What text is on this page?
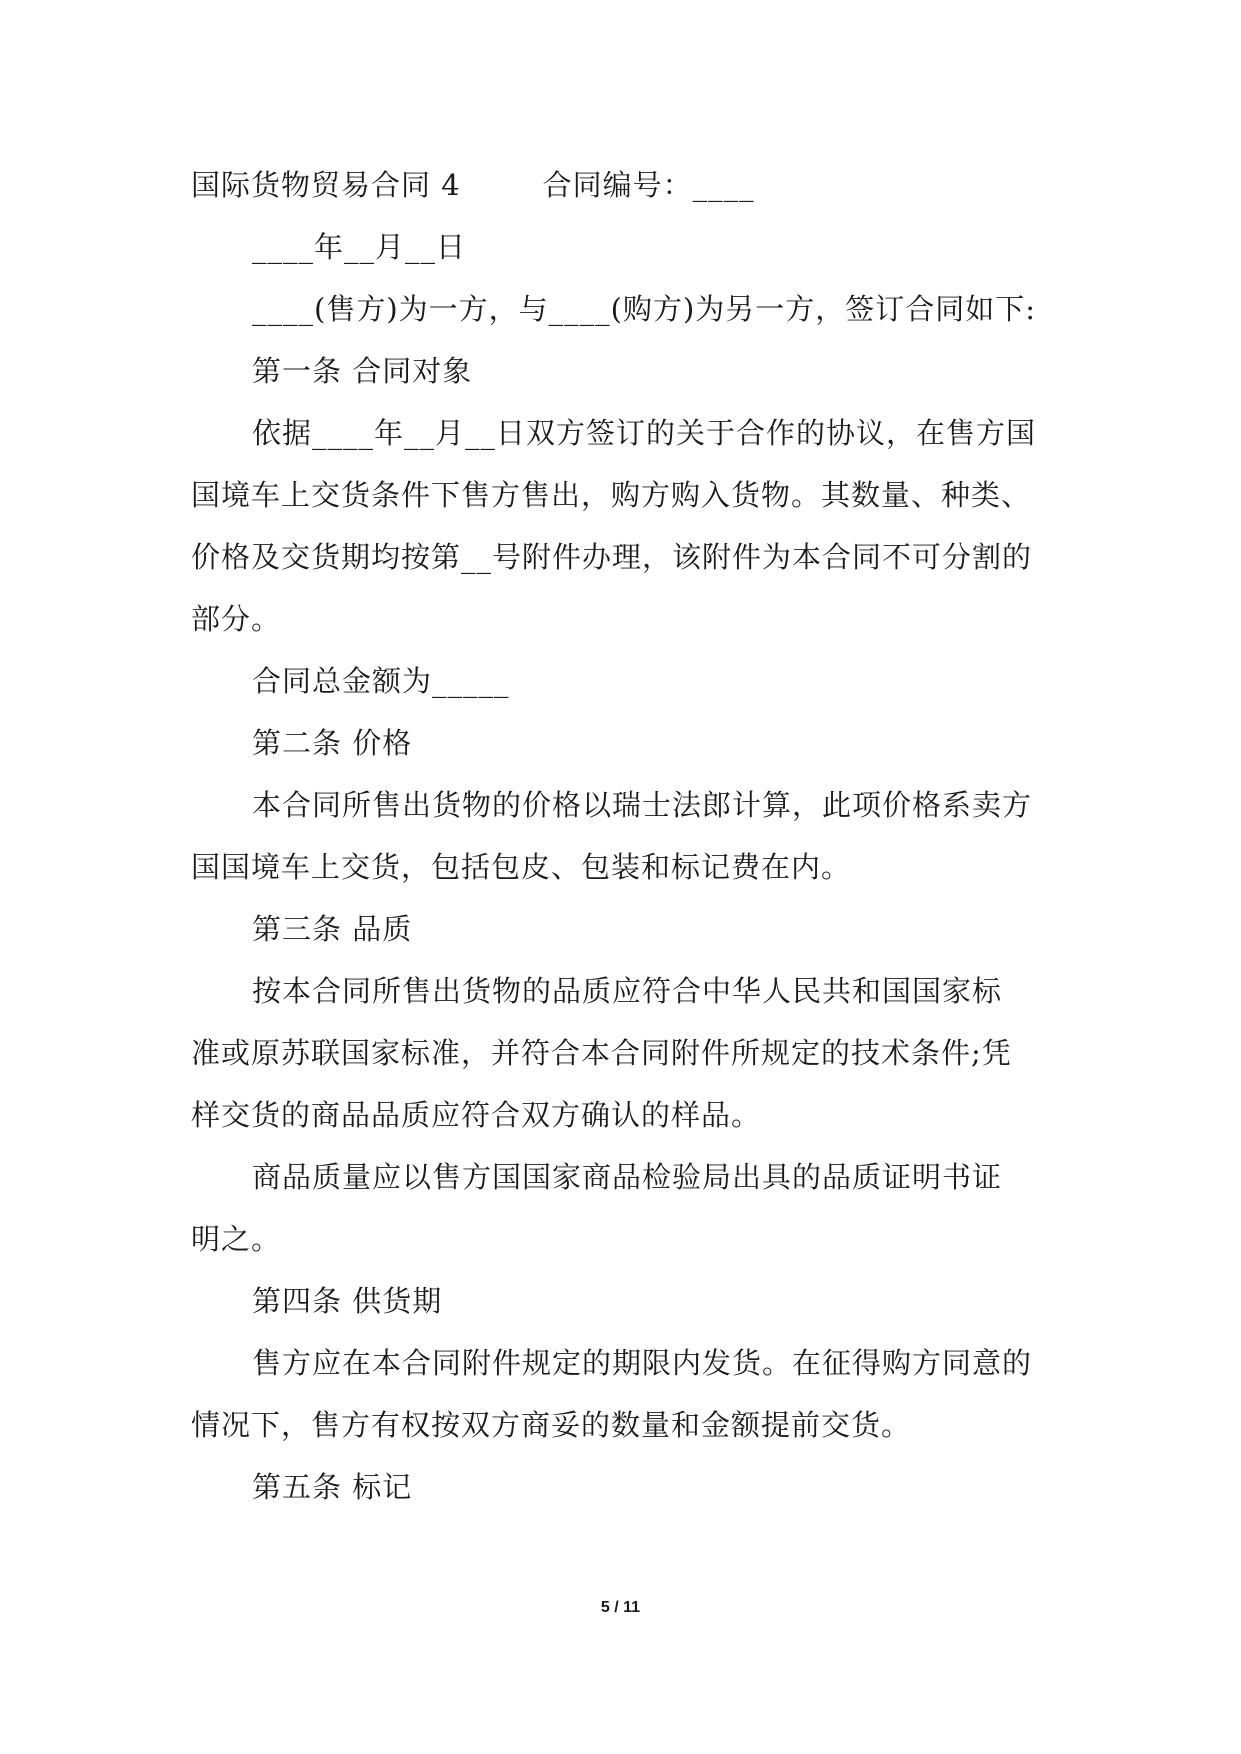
国际货物贸易合同 4	合同编号：____
____年__月__日
____(售方)为一方，与____(购方)为另一方，签订合同如下:
第一条 合同对象
依据____年__月__日双方签订的关于合作的协议，在售方国
国境车上交货条件下售方售出，购方购入货物。其数量、种类、
价格及交货期均按第__号附件办理，该附件为本合同不可分割的
部分。
合同总金额为_____
第二条 价格
本合同所售出货物的价格以瑞士法郎计算，此项价格系卖方
国国境车上交货，包括包皮、包装和标记费在内。
第三条 品质
按本合同所售出货物的品质应符合中华人民共和国国家标
准或原苏联国家标准，并符合本合同附件所规定的技术条件;凭
样交货的商品品质应符合双方确认的样品。
商品质量应以售方国国家商品检验局出具的品质证明书证
明之。
第四条 供货期
售方应在本合同附件规定的期限内发货。在征得购方同意的
情况下，售方有权按双方商妥的数量和金额提前交货。
第五条 标记
5 / 11
